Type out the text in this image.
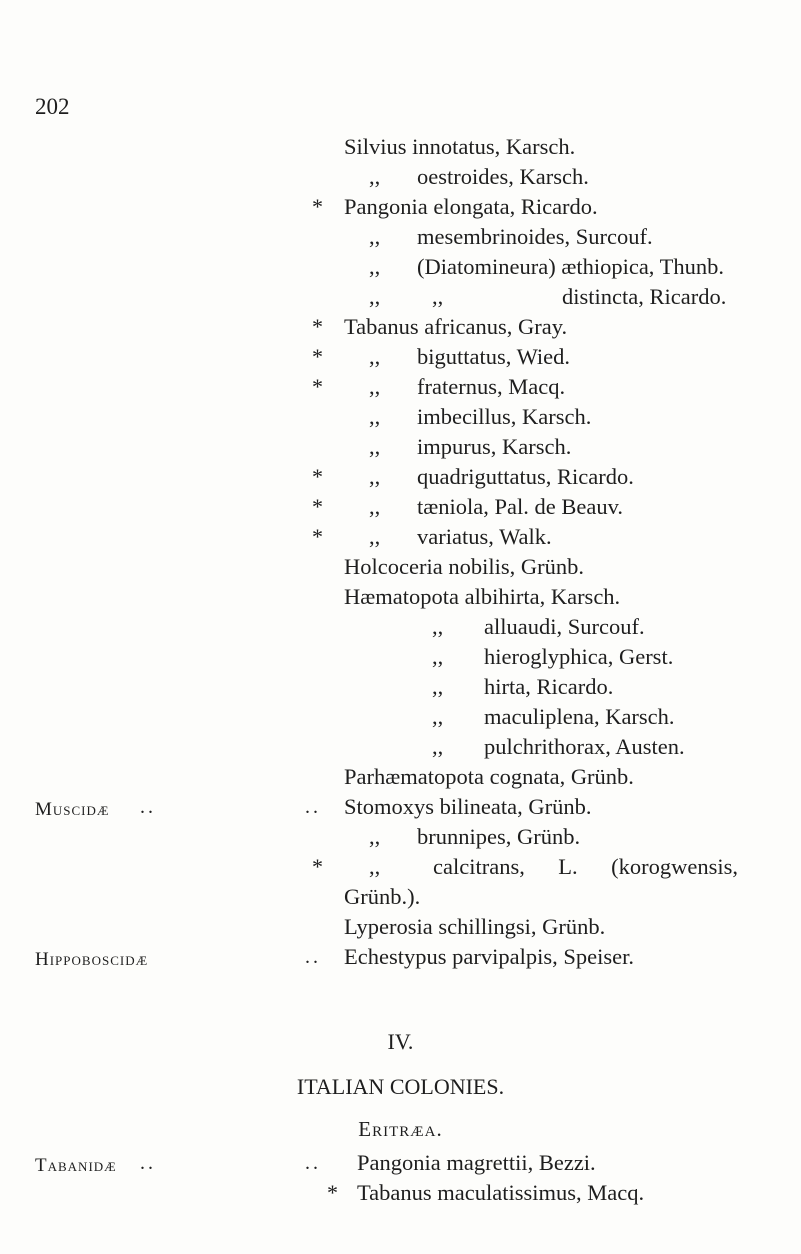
202
Silvius innotatus, Karsch.
,, oestroides, Karsch.
* Pangonia elongata, Ricardo.
,, mesembrinoides, Surcouf.
,, (Diatomineura) æthiopica, Thunb.
,, ,,	distincta, Ricardo.
* Tabanus africanus, Gray.
* ,, biguttatus, Wied.
* ,, fraternus, Macq.
,, imbecillus, Karsch.
,, impurus, Karsch.
* ,, quadriguttatus, Ricardo.
* ,, tæniola, Pal. de Beauv.
* ,, variatus, Walk.
Holcoceria nobilis, Grünb.
Hæmatopota albihirta, Karsch.
,, alluaudi, Surcouf.
,, hieroglyphica, Gerst.
,, hirta, Ricardo.
,, maculiplena, Karsch.
,, pulchrithorax, Austen.
Parhæmatopota cognata, Grünb.
Muscidæ ..	.. Stomoxys bilineata, Grünb.
,, brunnipes, Grünb.
* ,, calcitrans, L. (korogwensis,
Grünb.).
Lyperosia schillingsi, Grünb.
Hippoboscidæ	.. Echestypus parvipalpis, Speiser.
IV.
ITALIAN COLONIES.
Eritræa.
Tabanidæ ..	.. Pangonia magrettii, Bezzi.
* Tabanus maculatissimus, Macq.
